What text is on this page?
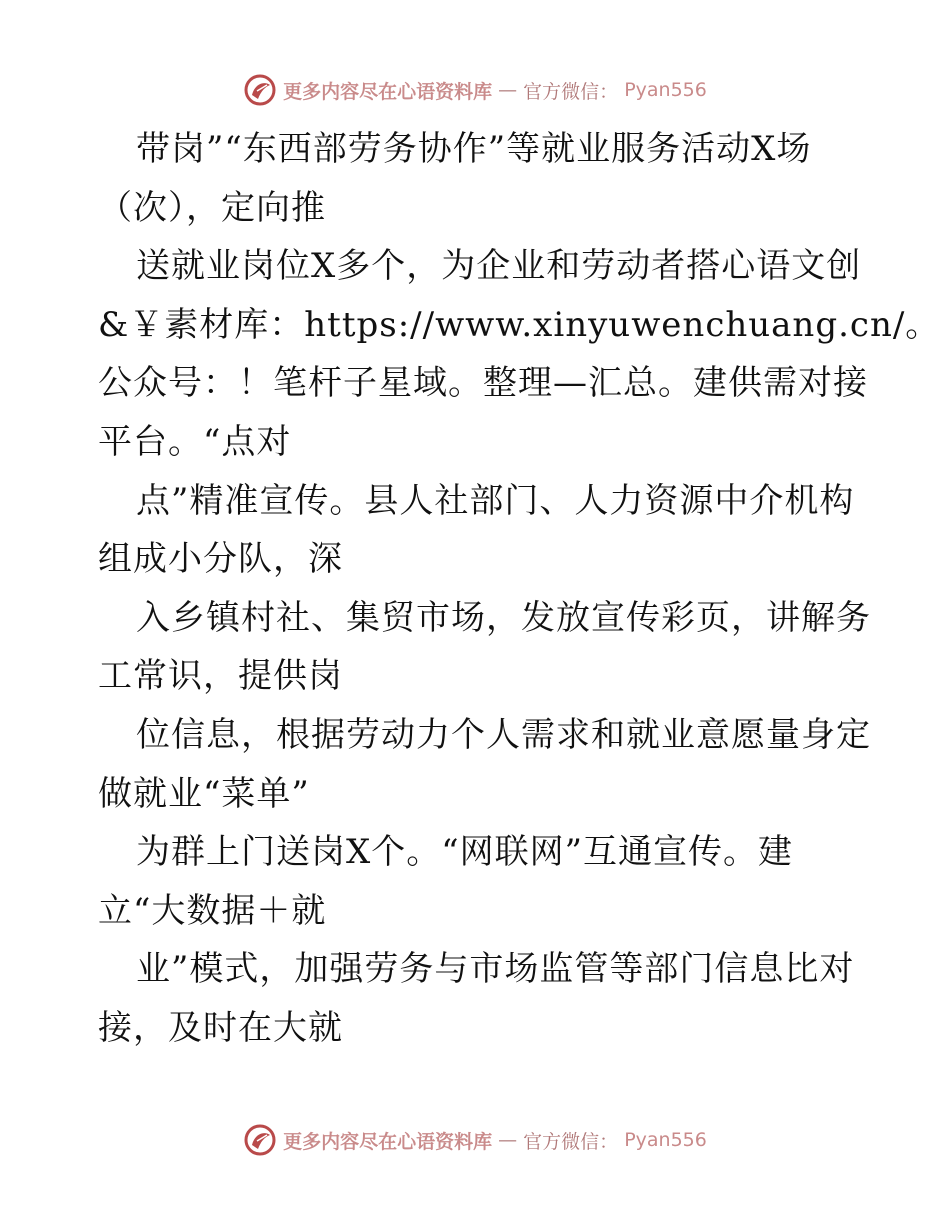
更多内容尽在心语资料库 — 官方微信： Pyan556
带岗”“东西部劳务协作”等就业服务活动X场
（次），定向推
送就业岗位X多个，为企业和劳动者搭心语文创
&￥素材库：https://www.xinyuwenchuang.cn/。
公众号：！笔杆子星域。整理—汇总。建供需对接
平台。“点对
点”精准宣传。县人社部门、人力资源中介机构
组成小分队，深
入乡镇村社、集贸市场，发放宣传彩页，讲解务
工常识，提供岗
位信息，根据劳动力个人需求和就业意愿量身定
做就业“菜单”
为群上门送岗X个。“网联网”互通宣传。建
立“大数据＋就
业”模式，加强劳务与市场监管等部门信息比对
接，及时在大就
更多内容尽在心语资料库 — 官方微信： Pyan556
